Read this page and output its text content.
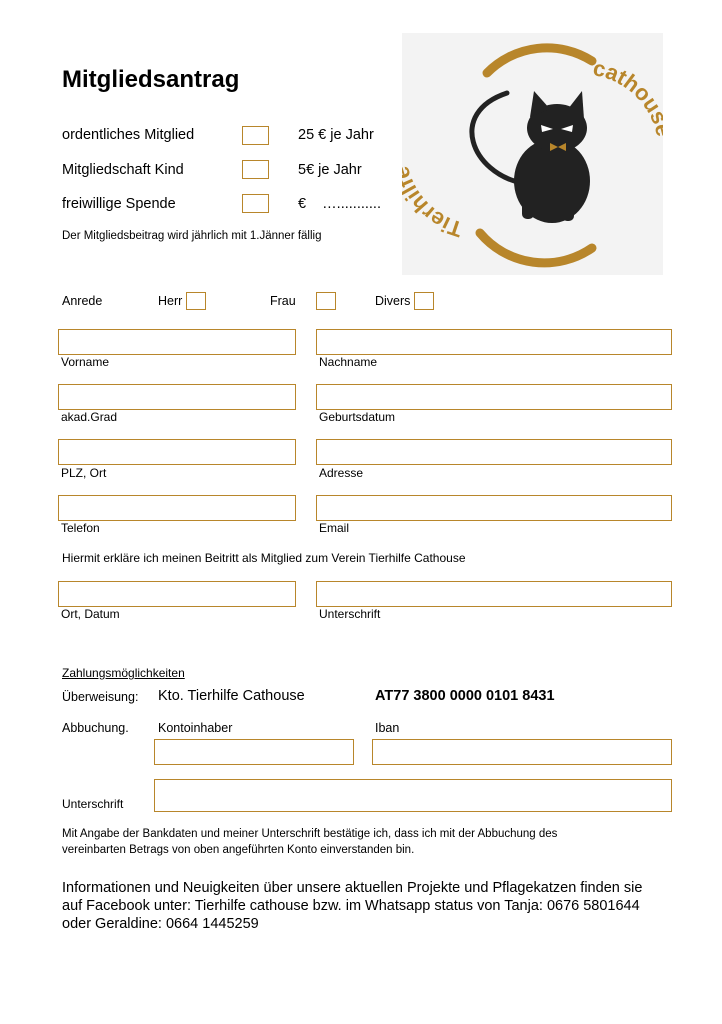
Mitgliedsantrag
ordentliches Mitglied	25 € je Jahr
Mitgliedschaft Kind	5€ je Jahr
freiwillige Spende	€    …...........
Der Mitgliedsbeitrag wird jährlich mit 1.Jänner fällig	Tierhi
catho
Anrede	Herr	Frau	Divers
Vorname	Nachname
akad.Grad	Geburtsdatum
PLZ, Ort	Adresse
Telefon	Email
Hiermit erkläre ich meinen Beitritt als Mitglied zum Verein Tierhilfe Cathouse
Ort, Datum	Unterschrift
Zahlungsmöglichkeiten
Überweisung: Kto. Tierhilfe Cathouse	AT77 3800 0000 0101 8431
Abbuchung. Kontoinhaber	Iban
Unterschrift
Mit Angabe der Bankdaten und meiner Unterschrift bestätige ich, dass ich mit der Abbuchung des
vereinbarten Betrags von oben angeführten Konto einverstanden bin.
Informationen und Neuigkeiten über unsere aktuellen Projekte und Pflagekatzen finden sie
auf Facebook unter: Tierhilfe cathouse bzw. im Whatsapp status von Tanja: 0676 5801644
oder Geraldine: 0664 1445259
